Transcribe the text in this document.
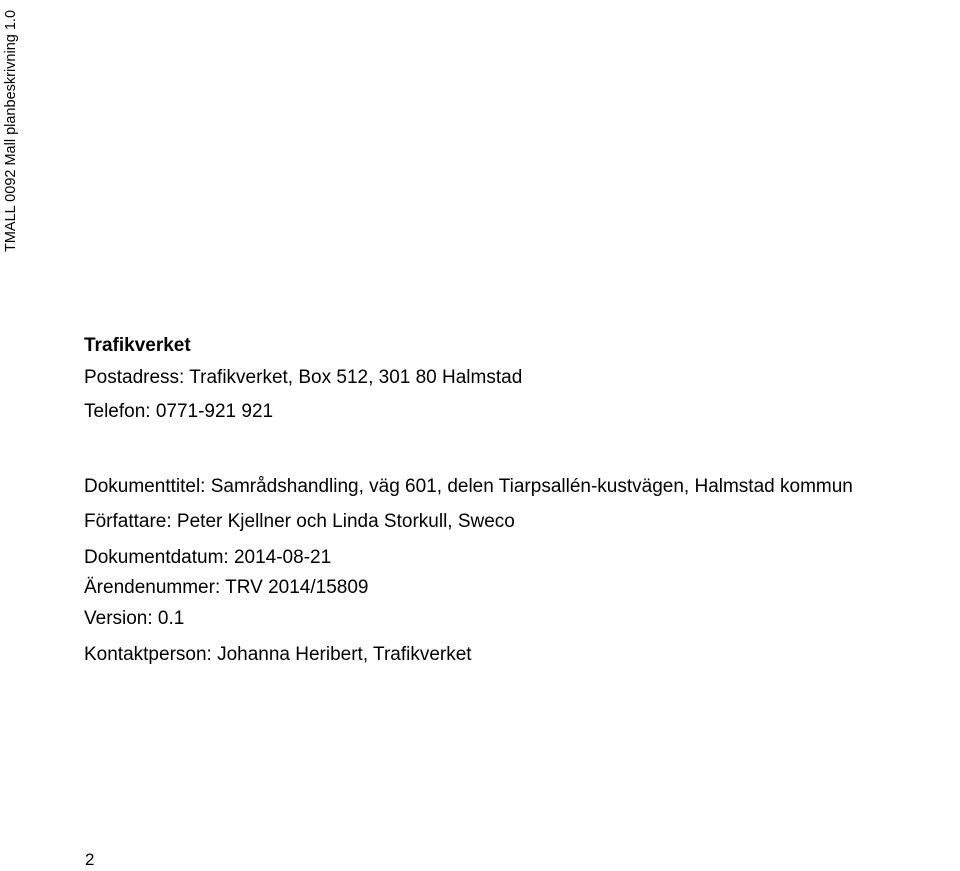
TMALL 0092 Mall planbeskrivning 1.0
Trafikverket
Postadress: Trafikverket, Box 512, 301 80 Halmstad
Telefon: 0771-921 921
Dokumenttitel: Samrådshandling, väg 601, delen Tiarpsallén-kustvägen, Halmstad kommun
Författare: Peter Kjellner och Linda Storkull, Sweco
Dokumentdatum: 2014-08-21
Ärendenummer: TRV 2014/15809
Version: 0.1
Kontaktperson: Johanna Heribert, Trafikverket
2
